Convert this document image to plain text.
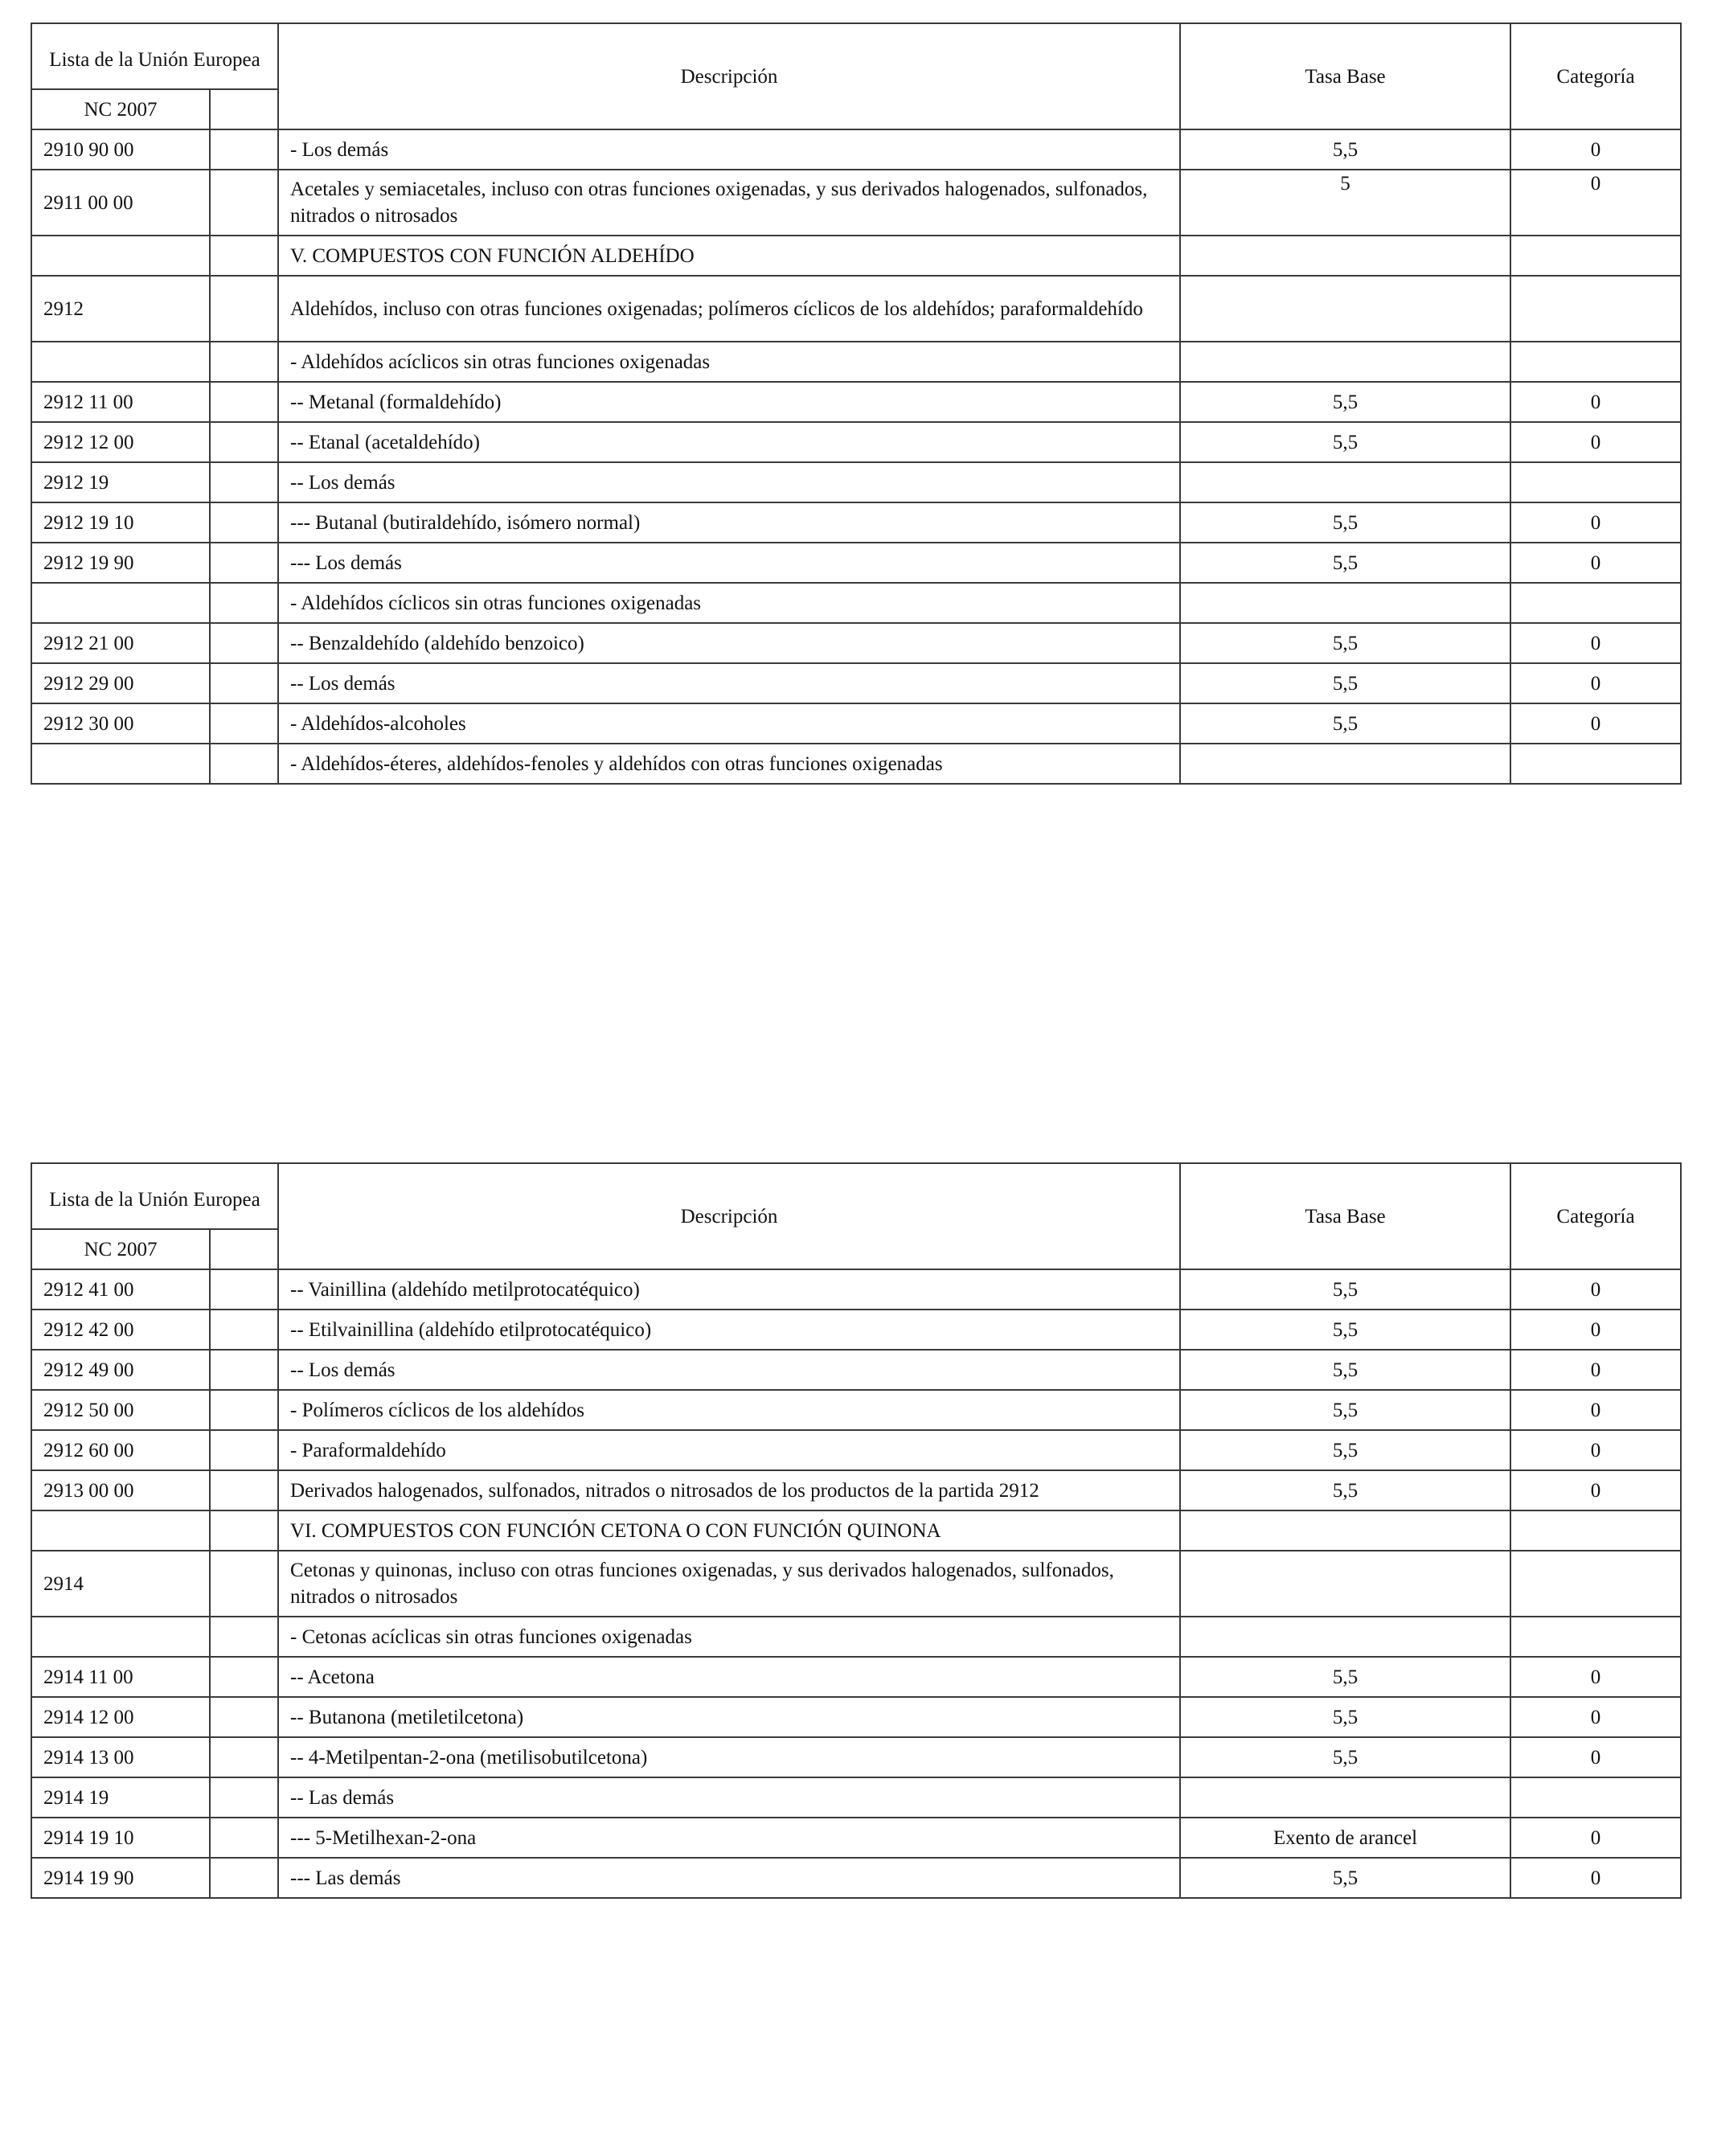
Lista de la Unión Europea		Descripción	Tasa Base	Categoría
NC 2007				
2910 90 00		- Los demás	5,5	0
2911 00 00		Acetales y semiacetales, incluso con otras funciones oxigenadas, y sus derivados halogenados, sulfonados, nitrados o nitrosados	5	0
		V. COMPUESTOS CON FUNCIÓN ALDEHÍDO		
2912		Aldehídos, incluso con otras funciones oxigenadas; polímeros cíclicos de los aldehídos; paraformaldehído		
		- Aldehídos acíclicos sin otras funciones oxigenadas		
2912 11 00		-- Metanal (formaldehído)	5,5	0
2912 12 00		-- Etanal (acetaldehído)	5,5	0
2912 19		-- Los demás		
2912 19 10		--- Butanal (butiraldehído, isómero normal)	5,5	0
2912 19 90		--- Los demás	5,5	0
		- Aldehídos cíclicos sin otras funciones oxigenadas		
2912 21 00		-- Benzaldehído (aldehído benzoico)	5,5	0
2912 29 00		-- Los demás	5,5	0
2912 30 00		- Aldehídos-alcoholes	5,5	0
		- Aldehídos-éteres, aldehídos-fenoles y aldehídos con otras funciones oxigenadas		
Lista de la Unión Europea		Descripción	Tasa Base	Categoría
NC 2007				
2912 41 00		-- Vainillina (aldehído metilprotocatéquico)	5,5	0
2912 42 00		-- Etilvainillina (aldehído etilprotocatéquico)	5,5	0
2912 49 00		-- Los demás	5,5	0
2912 50 00		- Polímeros cíclicos de los aldehídos	5,5	0
2912 60 00		- Paraformaldehído	5,5	0
2913 00 00		Derivados halogenados, sulfonados, nitrados o nitrosados de los productos de la partida 2912	5,5	0
		VI. COMPUESTOS CON FUNCIÓN CETONA O CON FUNCIÓN QUINONA		
2914		Cetonas y quinonas, incluso con otras funciones oxigenadas, y sus derivados halogenados, sulfonados, nitrados o nitrosados		
		- Cetonas acíclicas sin otras funciones oxigenadas		
2914 11 00		-- Acetona	5,5	0
2914 12 00		-- Butanona (metiletilcetona)	5,5	0
2914 13 00		-- 4-Metilpentan-2-ona (metilisobutilcetona)	5,5	0
2914 19		-- Las demás		
2914 19 10		--- 5-Metilhexan-2-ona	Exento de arancel	0
2914 19 90		--- Las demás	5,5	0
